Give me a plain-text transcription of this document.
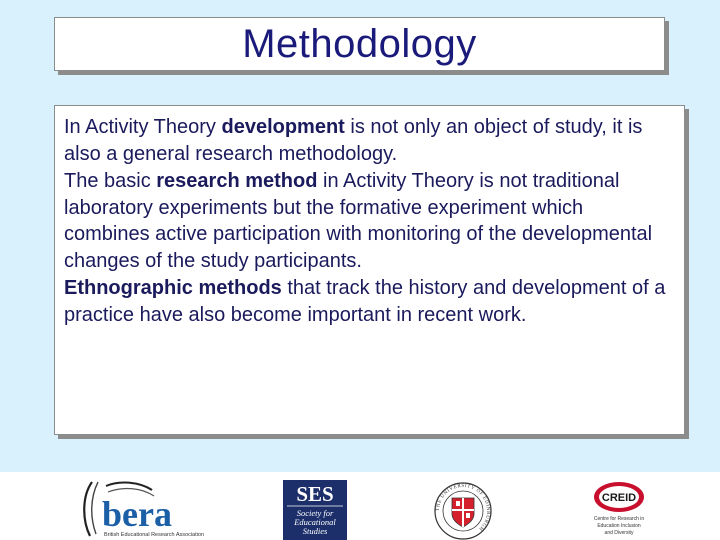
Methodology

In Activity Theory development is not only an object of study, it is also a general research methodology.

The basic research method in Activity Theory is not traditional laboratory experiments but the formative experiment which combines active participation with monitoring of the developmental changes of the study participants.

Ethnographic methods that track the history and development of a practice have also become important in recent work.

bera
British Educational Research Association
SES
Society for
Educational
Studies
THE UNIVERSITY OF EDINBURGH
CREID
Centre for Research in
Education Inclusion
and Diversity
